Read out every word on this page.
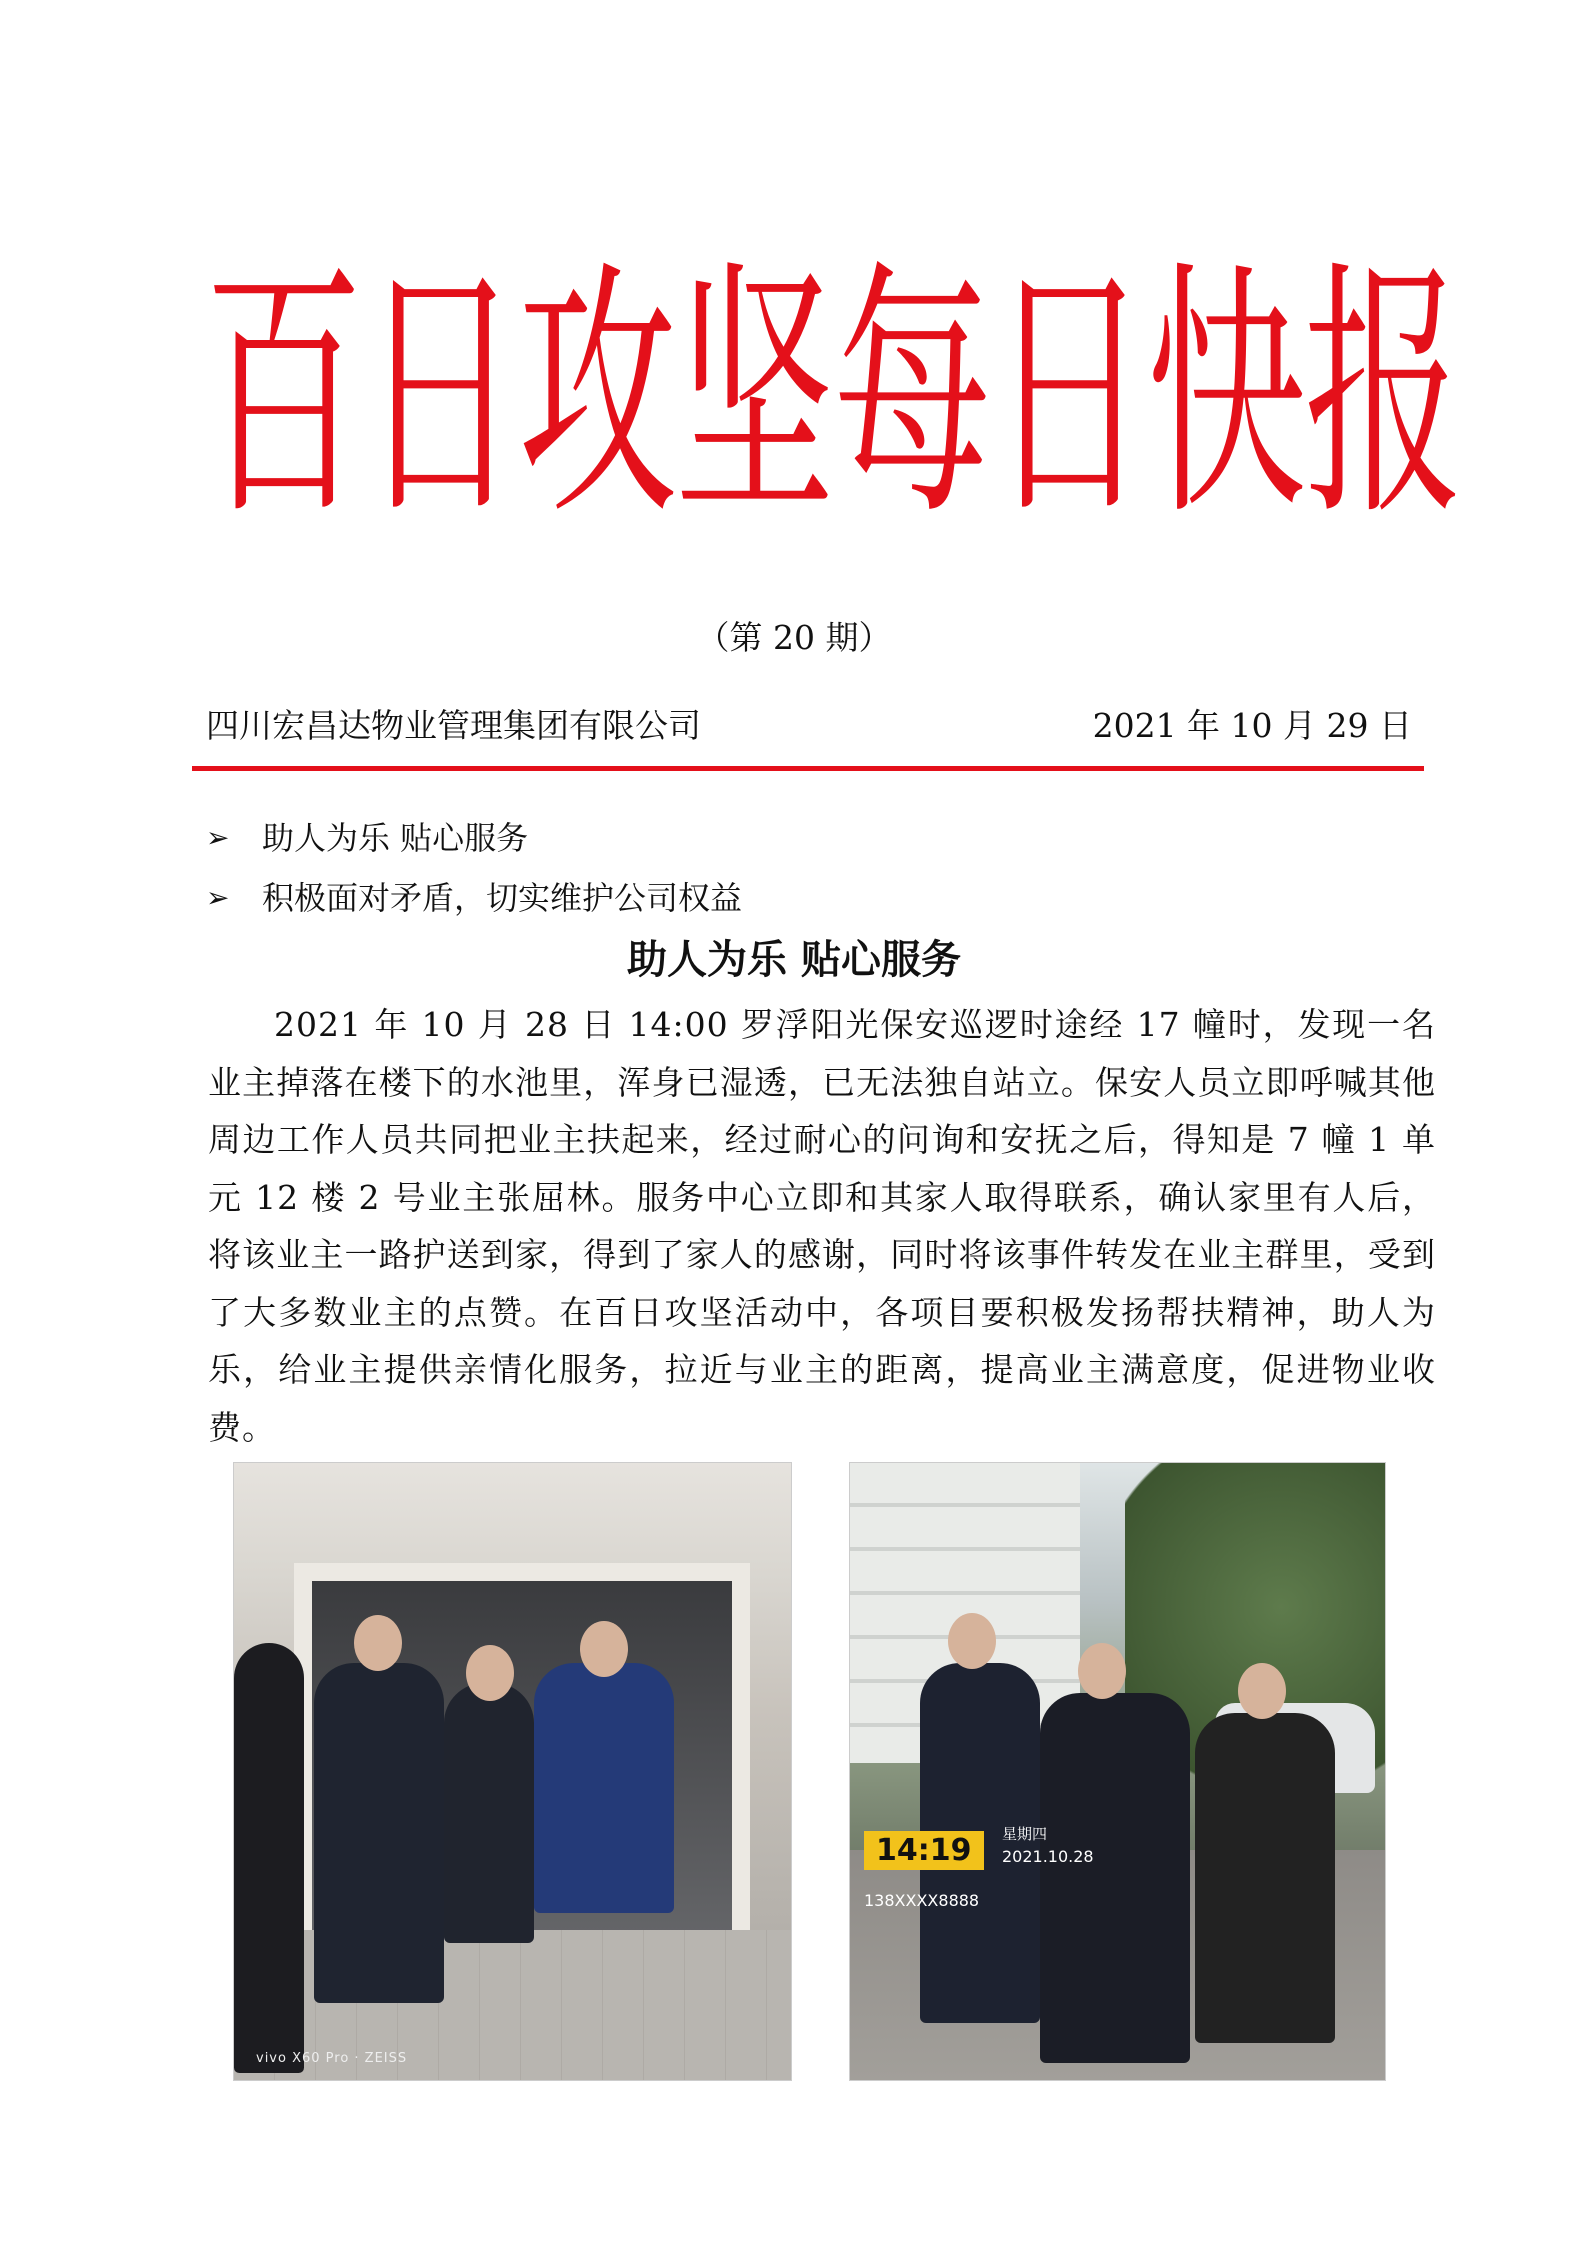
百
日
攻
坚
每
日
快
报
（第 20 期）
四川宏昌达物业管理集团有限公司	2021 年 10 月 29 日
➢	助人为乐 贴心服务
➢	积极面对矛盾，切实维护公司权益
助人为乐 贴心服务

2021 年 10 月 28 日 14:00 罗浮阳光保安巡逻时途经 17 幢时，发现一名业主掉落在楼下的水池里，浑身已湿透，已无法独自站立。保安人员立即呼喊其他周边工作人员共同把业主扶起来，经过耐心的问询和安抚之后，得知是 7 幢 1 单元 12 楼 2 号业主张屈林。服务中心立即和其家人取得联系，确认家里有人后，将该业主一路护送到家，得到了家人的感谢，同时将该事件转发在业主群里，受到了大多数业主的点赞。在百日攻坚活动中，各项目要积极发扬帮扶精神，助人为乐，给业主提供亲情化服务，拉近与业主的距离，提高业主满意度，促进物业收费。

vivo X60 Pro · ZEISS
14:19	星期四
2021.10.28
138XXXX8888
